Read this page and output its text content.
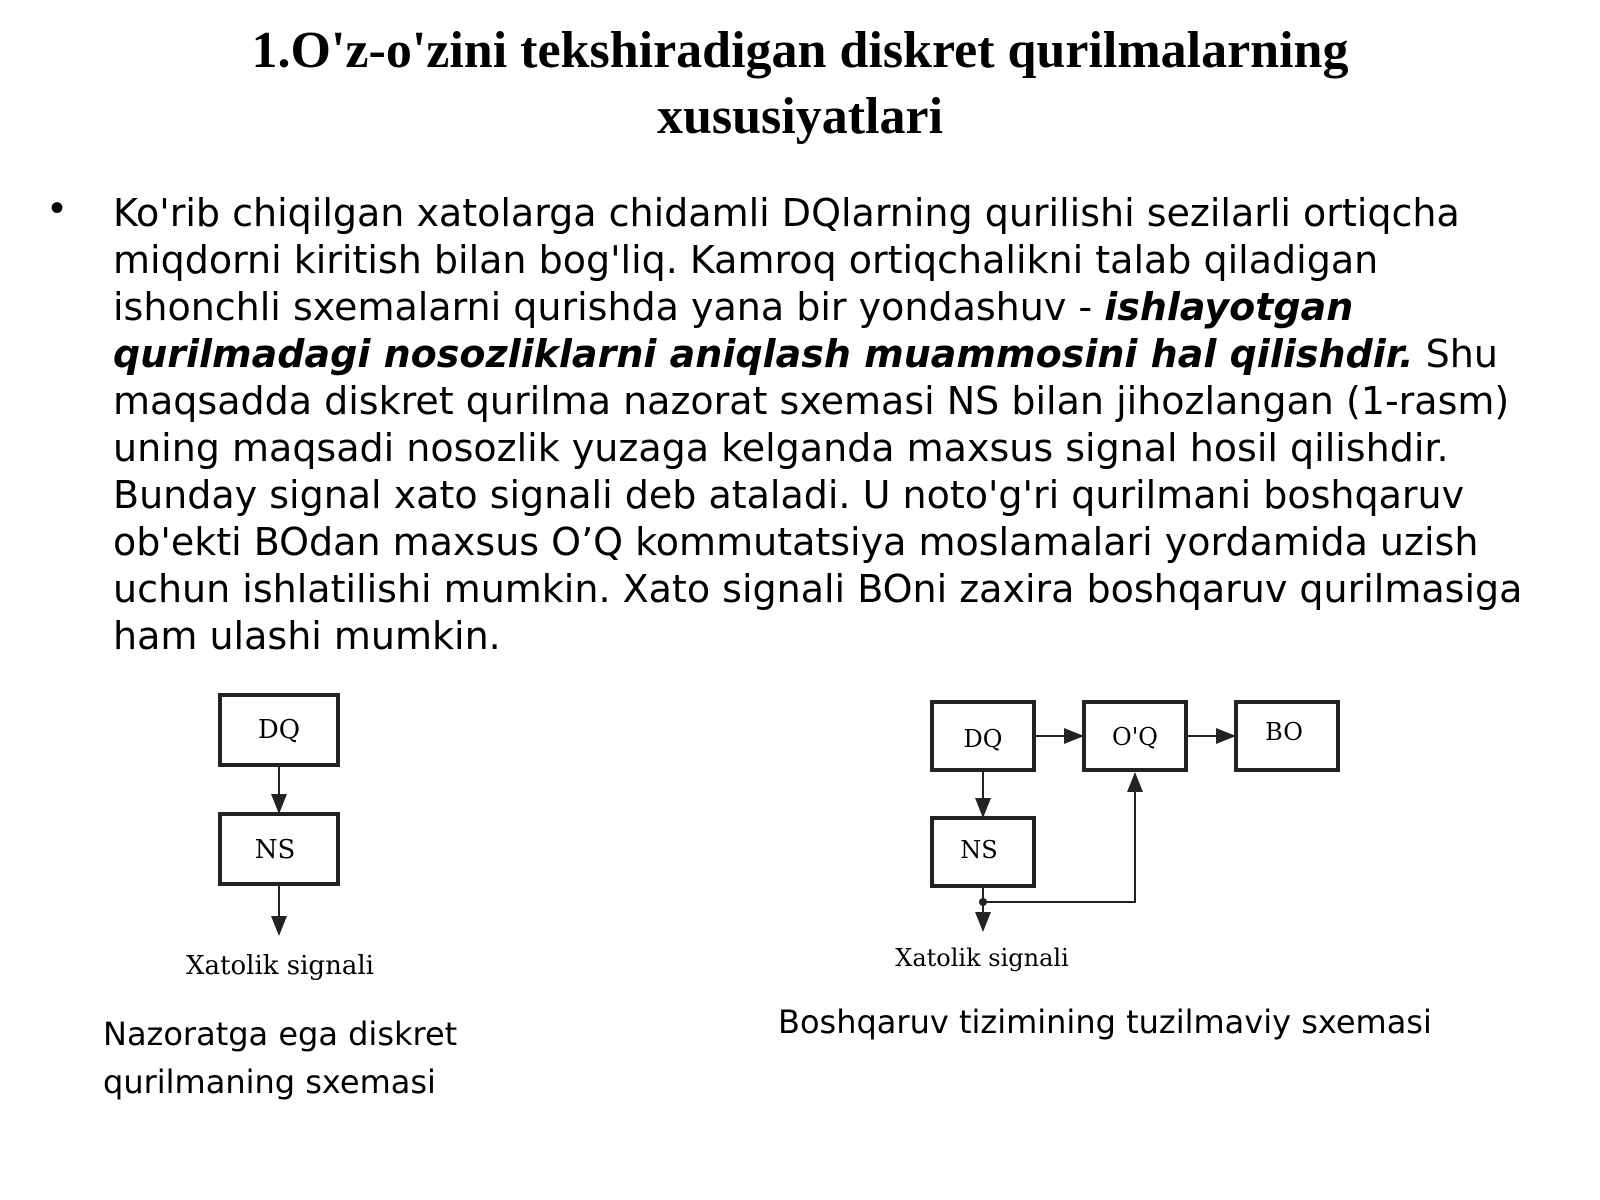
1.O'z-o'zini tekshiradigan diskret qurilmalarning
xususiyatlari
• Ko'rib chiqilgan xatolarga chidamli DQlarning qurilishi sezilarli ortiqcha miqdorni kiritish bilan bog'liq. Kamroq ortiqchalikni talab qiladigan ishonchli sxemalarni qurishda yana bir yondashuv - ishlayotgan qurilmadagi nosozliklarni aniqlash muammosini hal qilishdir. Shu maqsadda diskret qurilma nazorat sxemasi NS bilan jihozlangan (1-rasm) uning maqsadi nosozlik yuzaga kelganda maxsus signal hosil qilishdir. Bunday signal xato signali deb ataladi. U noto'g'ri qurilmani boshqaruv ob'ekti BOdan maxsus O’Q kommutatsiya moslamalari yordamida uzish uchun ishlatilishi mumkin. Xato signali BOni zaxira boshqaruv qurilmasiga ham ulashi mumkin.
DQ
NS
Xatolik signali
Nazoratga ega diskret
qurilmaning sxemasi
DQ	O'Q	BO
NS
Xatolik signali
Boshqaruv tizimining tuzilmaviy sxemasi
